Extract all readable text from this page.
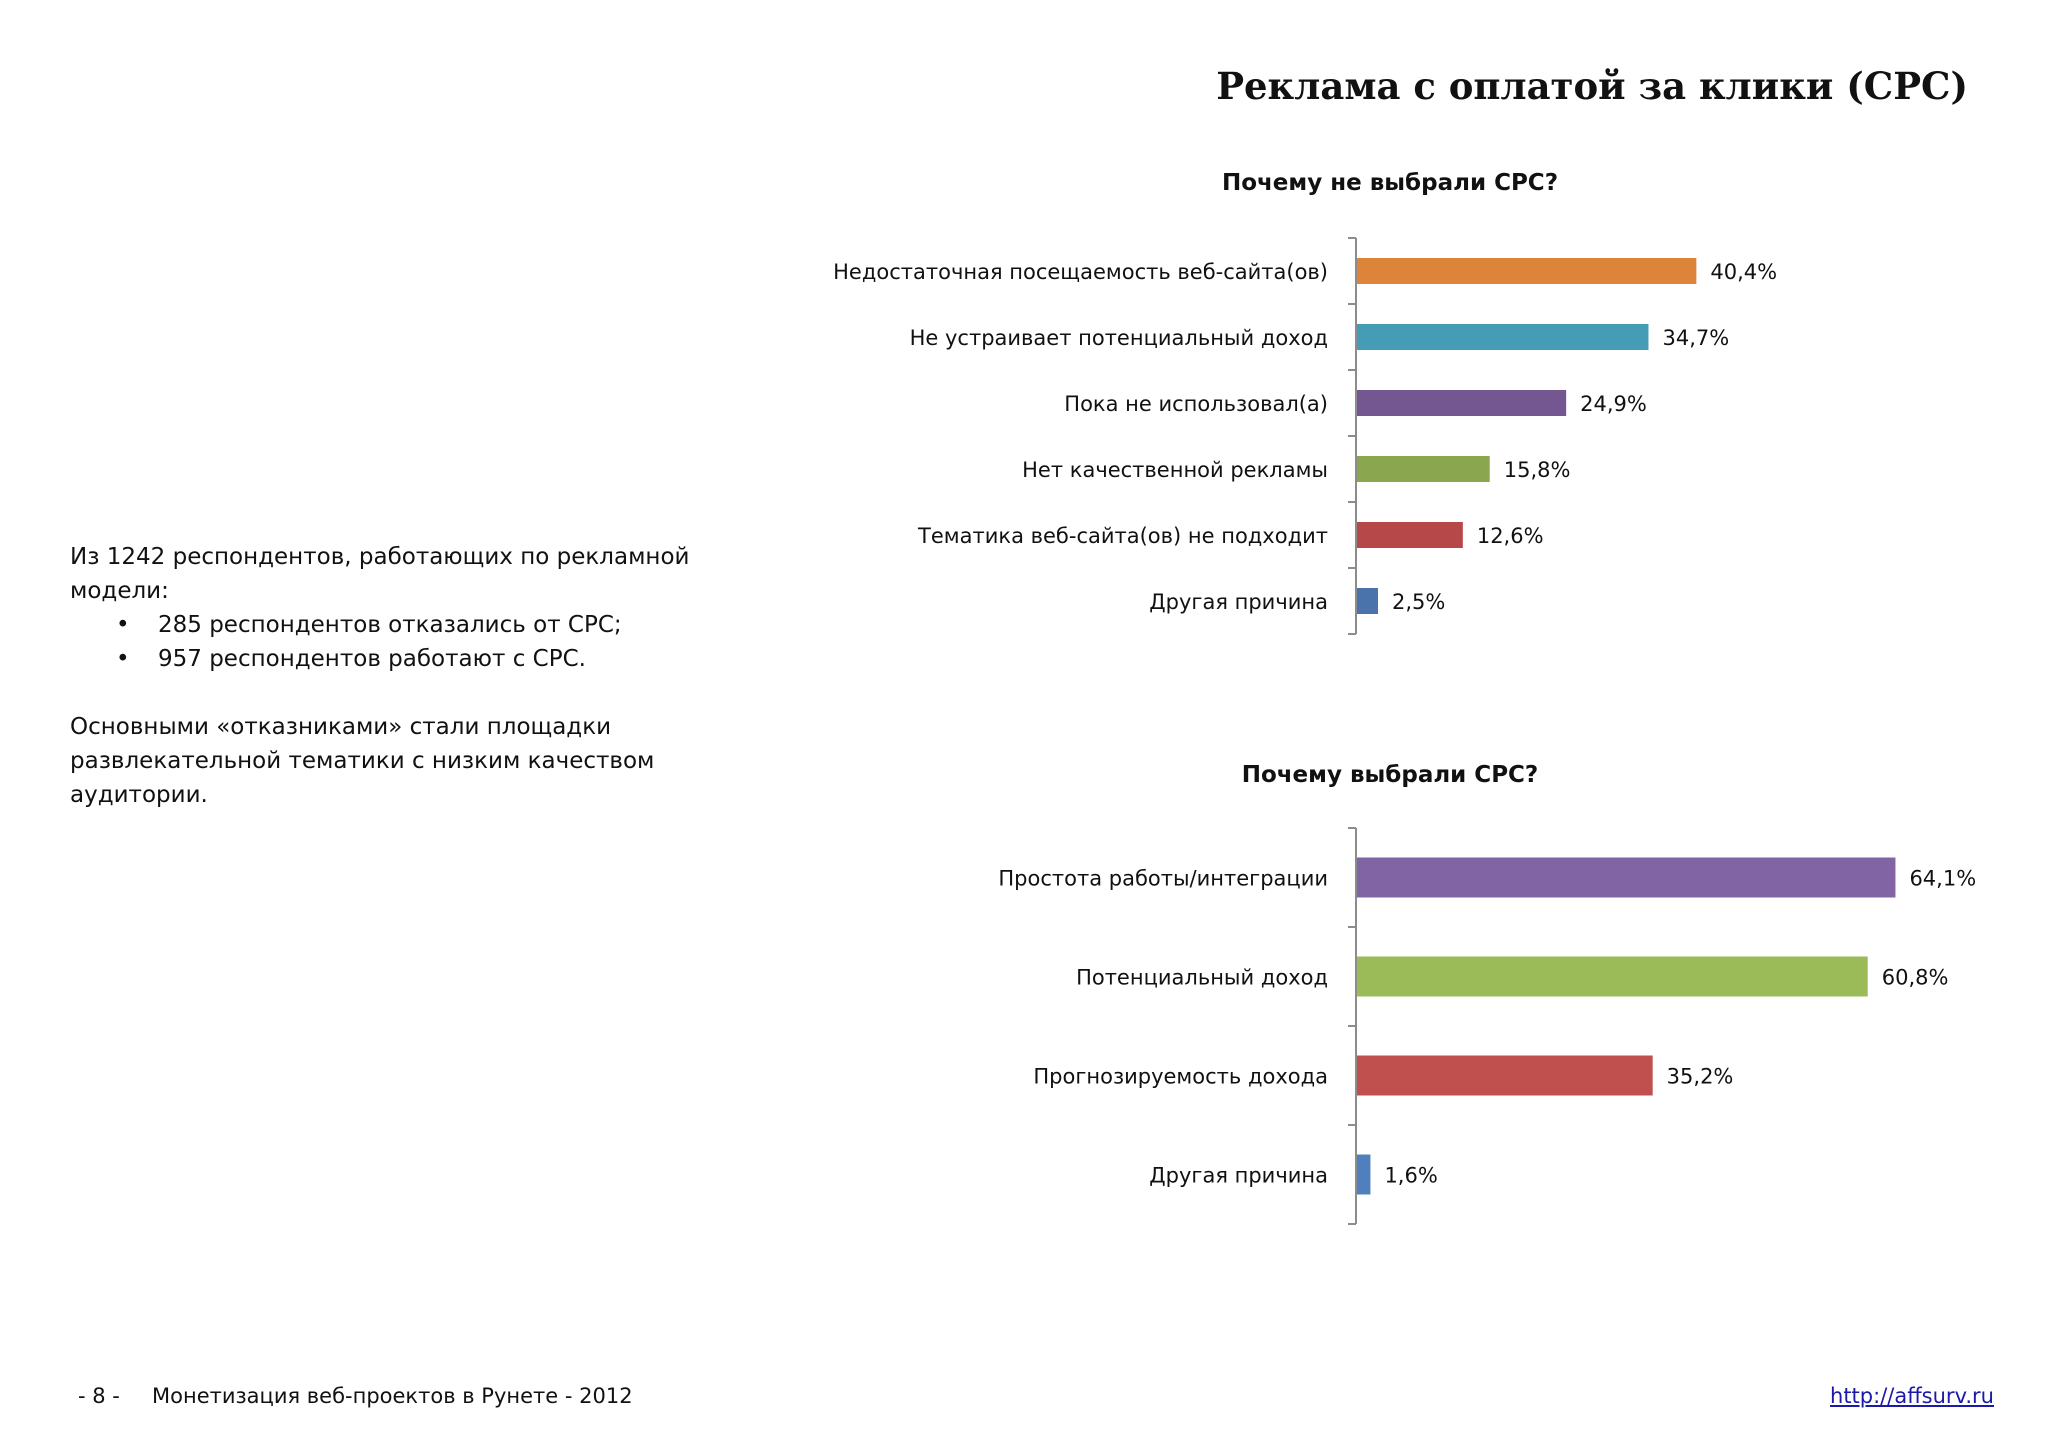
Реклама с оплатой за клики (CPC)

Из 1242 респондентов, работающих по рекламной модели:

• 285 респондентов отказались от CPC;
• 957 респондентов работают с CPC.

Основными «отказниками» стали площадки развлекательной тематики с низким качеством аудитории.

Почему не выбрали CPC?
Недостаточная посещаемость веб-сайта(ов)	40,4%
Не устраивает потенциальный доход	34,7%
Пока не использовал(а)	24,9%
Нет качественной рекламы	15,8%
Тематика веб-сайта(ов) не подходит	12,6%
Другая причина	2,5%
Почему выбрали CPC?
Простота работы/интеграции	64,1%
Потенциальный доход	60,8%
Прогнозируемость дохода	35,2%
Другая причина	1,6%
- 8 - Монетизация веб-проектов в Рунете - 2012	http://affsurv.ru
